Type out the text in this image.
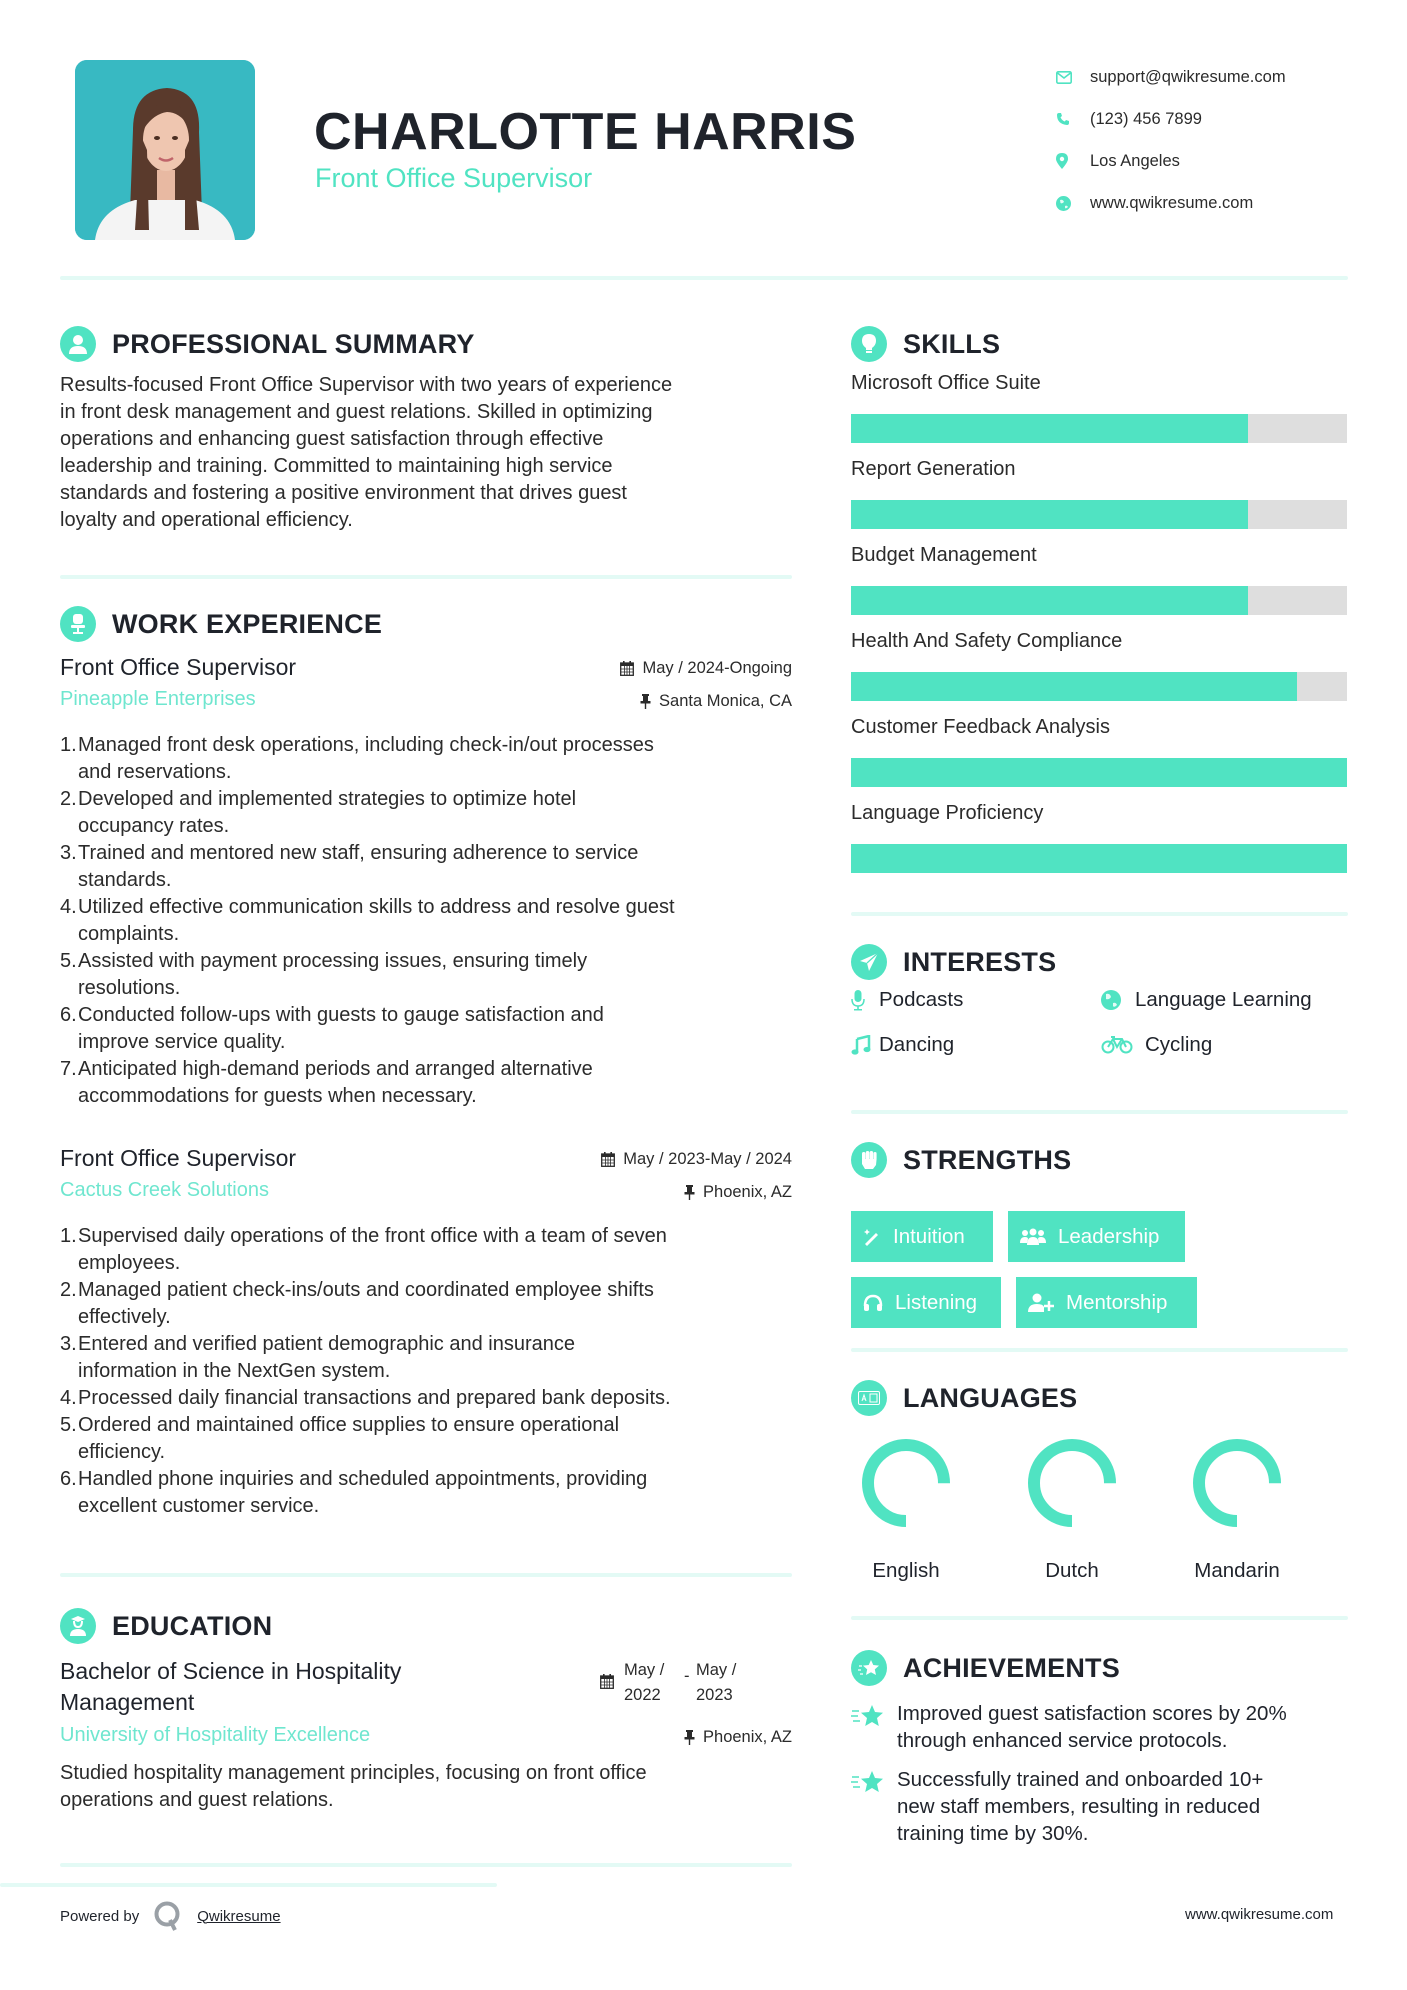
CHARLOTTE HARRIS
Front Office Supervisor
support@qwikresume.com
(123) 456 7899
Los Angeles
www.qwikresume.com
PROFESSIONAL SUMMARY
Results-focused Front Office Supervisor with two years of experience
in front desk management and guest relations. Skilled in optimizing
operations and enhancing guest satisfaction through effective
leadership and training. Committed to maintaining high service
standards and fostering a positive environment that drives guest
loyalty and operational efficiency.
WORK EXPERIENCE
Front Office Supervisor	May / 2024-Ongoing
Pineapple Enterprises	Santa Monica, CA
1. Managed front desk operations, including check-in/out processes
and reservations.
2. Developed and implemented strategies to optimize hotel
occupancy rates.
3. Trained and mentored new staff, ensuring adherence to service
standards.
4. Utilized effective communication skills to address and resolve guest
complaints.
5. Assisted with payment processing issues, ensuring timely
resolutions.
6. Conducted follow-ups with guests to gauge satisfaction and
improve service quality.
7. Anticipated high-demand periods and arranged alternative
accommodations for guests when necessary.
Front Office Supervisor	May / 2023-May / 2024
Cactus Creek Solutions	Phoenix, AZ
1. Supervised daily operations of the front office with a team of seven
employees.
2. Managed patient check-ins/outs and coordinated employee shifts
effectively.
3. Entered and verified patient demographic and insurance
information in the NextGen system.
4. Processed daily financial transactions and prepared bank deposits.
5. Ordered and maintained office supplies to ensure operational
efficiency.
6. Handled phone inquiries and scheduled appointments, providing
excellent customer service.
EDUCATION
Bachelor of Science in Hospitality
Management
May /
2022
- May /
2023
University of Hospitality Excellence	Phoenix, AZ
Studied hospitality management principles, focusing on front office
operations and guest relations.
SKILLS
Microsoft Office Suite
Report Generation
Budget Management
Health And Safety Compliance
Customer Feedback Analysis
Language Proficiency
INTERESTS
Podcasts	Language Learning
Dancing	Cycling
STRENGTHS
Intuition	Leadership
Listening	Mentorship
LANGUAGES
English	Dutch	Mandarin
ACHIEVEMENTS
Improved guest satisfaction scores by 20%
through enhanced service protocols.
Successfully trained and onboarded 10+
new staff members, resulting in reduced
training time by 30%.
Powered by	Qwikresume	www.qwikresume.com
